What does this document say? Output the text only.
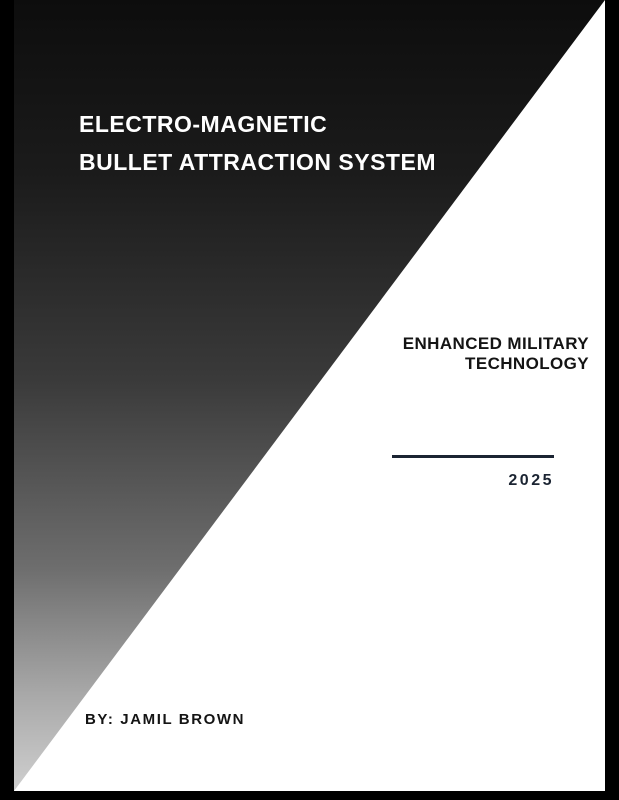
ELECTRO-MAGNETIC
BULLET ATTRACTION SYSTEM
ENHANCED MILITARY TECHNOLOGY
2025
BY: JAMIL BROWN
